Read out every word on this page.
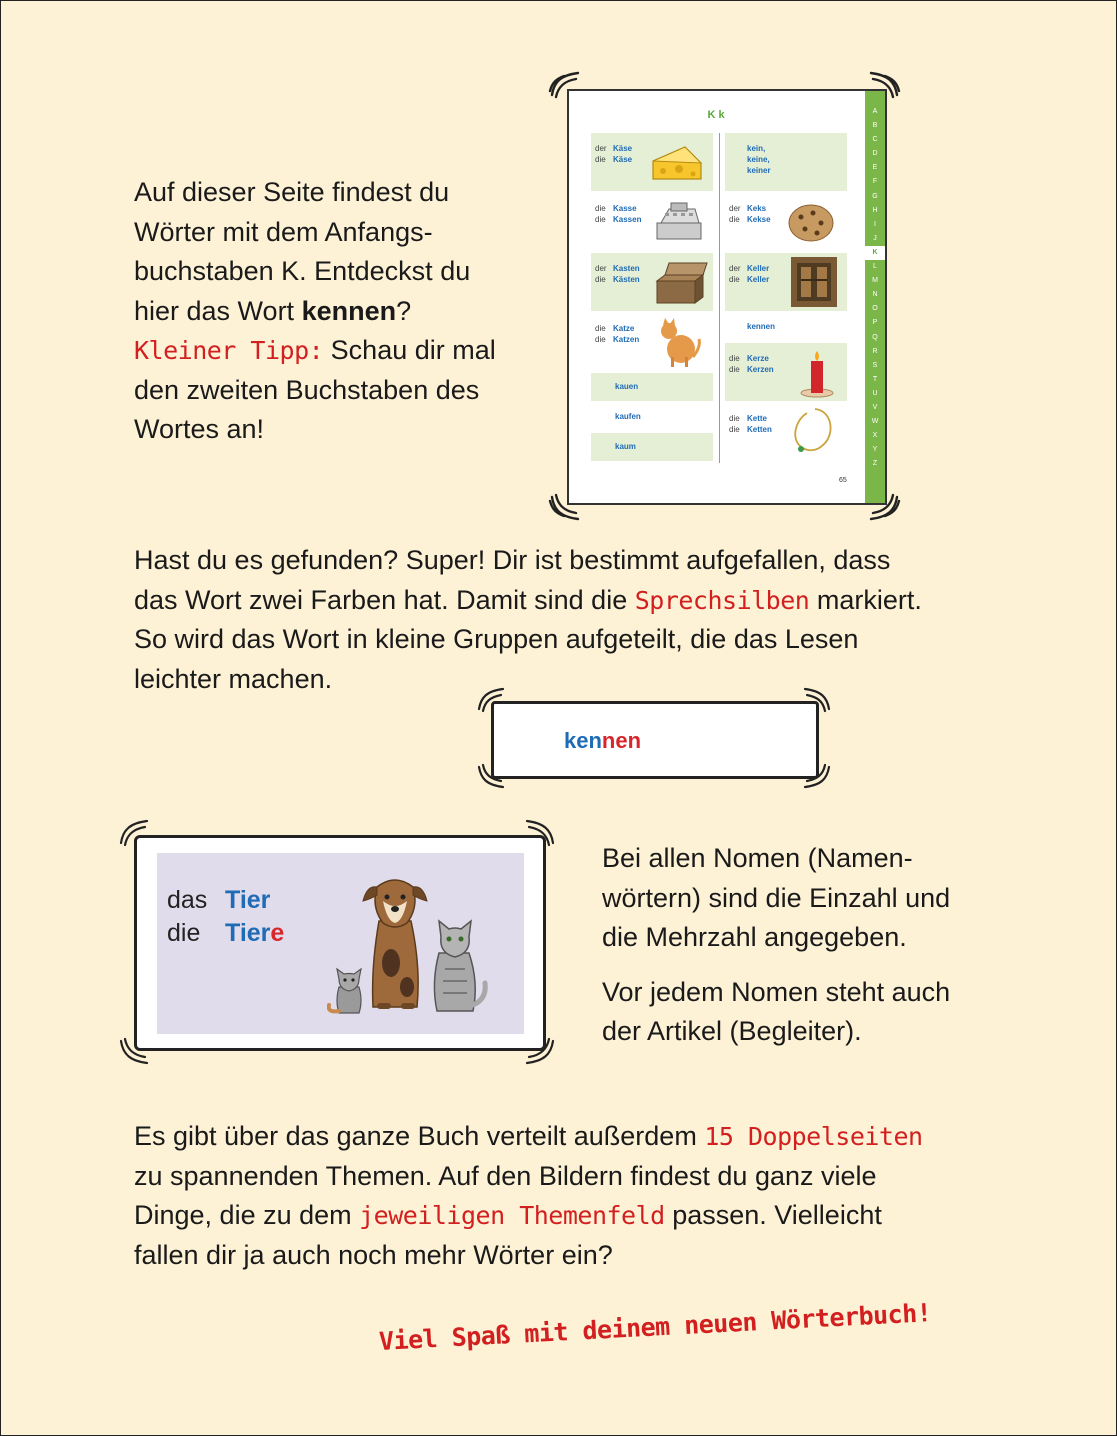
Auf dieser Seite findest du

Wörter mit dem Anfangs-

buchstaben K. Entdeckst du

hier das Wort kennen?

Kleiner Tipp: Schau dir mal

den zweiten Buchstaben des

Wortes an!

K k
der Käse
die Käse
die Kasse
die Kassen
der Kasten
die Kästen
die Katze
die Katzen
kauen
kaufen
kaum
kein,
keine,
keiner
der Keks
die Kekse
der Keller
die Keller
kennen
die Kerze
die Kerzen
die Kette
die Ketten
65
A
B
C
D
E
F
G
H
I
J
K
L
M
N
O
P
Q
R
S
T
U
V
W
X
Y
Z

Hast du es gefunden? Super! Dir ist bestimmt aufgefallen, dass

das Wort zwei Farben hat. Damit sind die Sprechsilben markiert.

So wird das Wort in kleine Gruppen aufgeteilt, die das Lesen

leichter machen.

kennen
das Tier
die Tiere

Bei allen Nomen (Namen-

wörtern) sind die Einzahl und

die Mehrzahl angegeben.

Vor jedem Nomen steht auch

der Artikel (Begleiter).

Es gibt über das ganze Buch verteilt außerdem 15 Doppelseiten

zu spannenden Themen. Auf den Bildern findest du ganz viele

Dinge, die zu dem jeweiligen Themenfeld passen. Vielleicht

fallen dir ja auch noch mehr Wörter ein?

Viel Spaß mit deinem neuen Wörterbuch!
